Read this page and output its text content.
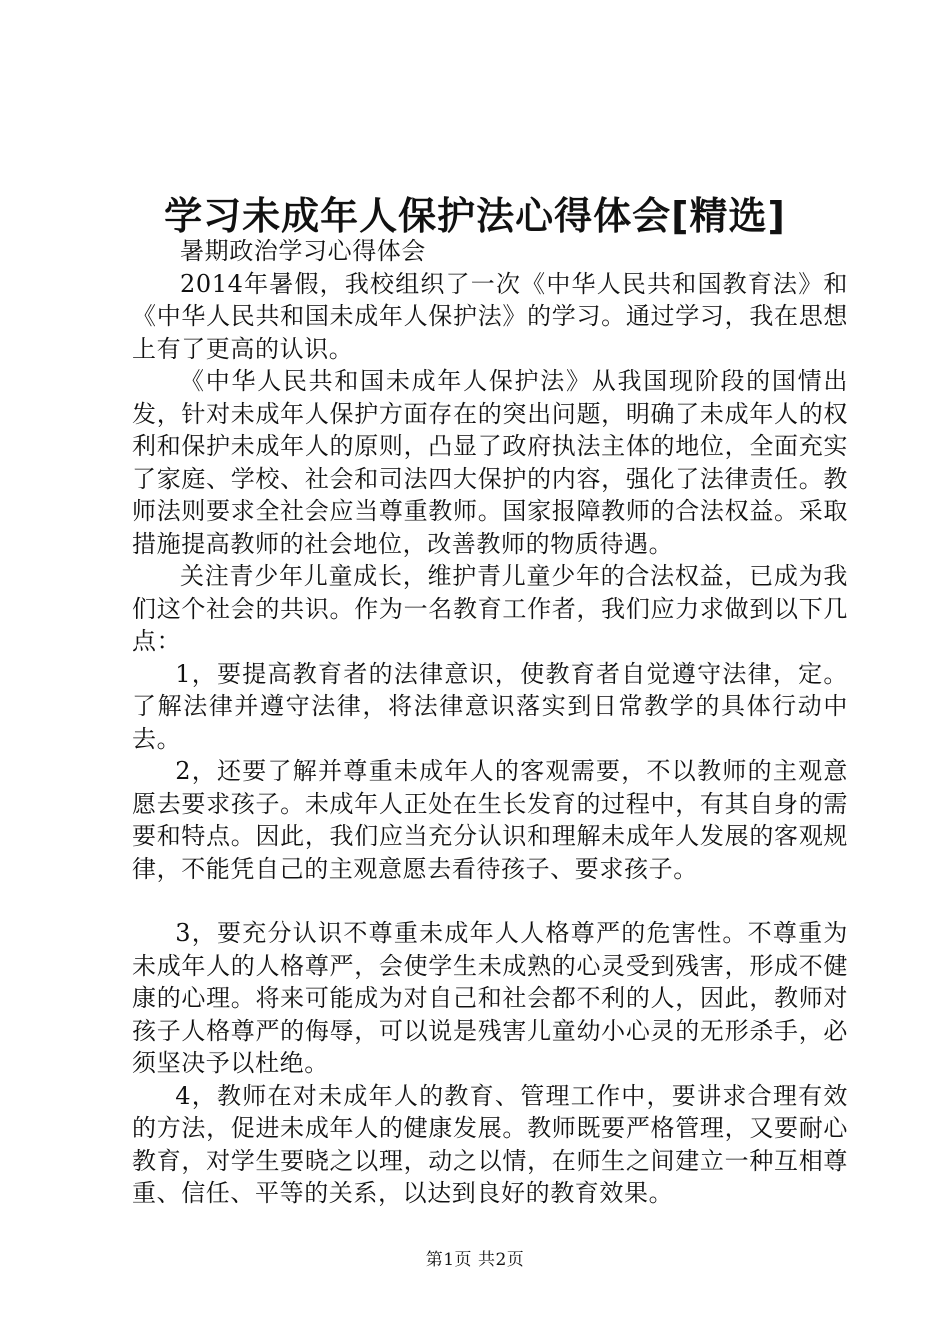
学习未成年人保护法心得体会[精选]

暑期政治学习心得体会

2014年暑假，我校组织了一次《中华人民共和国教育法》和《中华人民共和国未成年人保护法》的学习。通过学习，我在思想上有了更高的认识。

《中华人民共和国未成年人保护法》从我国现阶段的国情出发，针对未成年人保护方面存在的突出问题，明确了未成年人的权利和保护未成年人的原则，凸显了政府执法主体的地位，全面充实了家庭、学校、社会和司法四大保护的内容，强化了法律责任。教师法则要求全社会应当尊重教师。国家报障教师的合法权益。采取措施提高教师的社会地位，改善教师的物质待遇。

关注青少年儿童成长，维护青儿童少年的合法权益，已成为我们这个社会的共识。作为一名教育工作者，我们应力求做到以下几点：

1，要提高教育者的法律意识，使教育者自觉遵守法律，定。了解法律并遵守法律，将法律意识落实到日常教学的具体行动中去。

2，还要了解并尊重未成年人的客观需要，不以教师的主观意愿去要求孩子。未成年人正处在生长发育的过程中，有其自身的需要和特点。因此，我们应当充分认识和理解未成年人发展的客观规律，不能凭自己的主观意愿去看待孩子、要求孩子。

3，要充分认识不尊重未成年人人格尊严的危害性。不尊重为未成年人的人格尊严，会使学生未成熟的心灵受到残害，形成不健康的心理。将来可能成为对自己和社会都不利的人，因此，教师对孩子人格尊严的侮辱，可以说是残害儿童幼小心灵的无形杀手，必须坚决予以杜绝。

4，教师在对未成年人的教育、管理工作中，要讲求合理有效的方法，促进未成年人的健康发展。教师既要严格管理，又要耐心教育，对学生要晓之以理，动之以情，在师生之间建立一种互相尊重、信任、平等的关系，以达到良好的教育效果。

第1页 共2页
